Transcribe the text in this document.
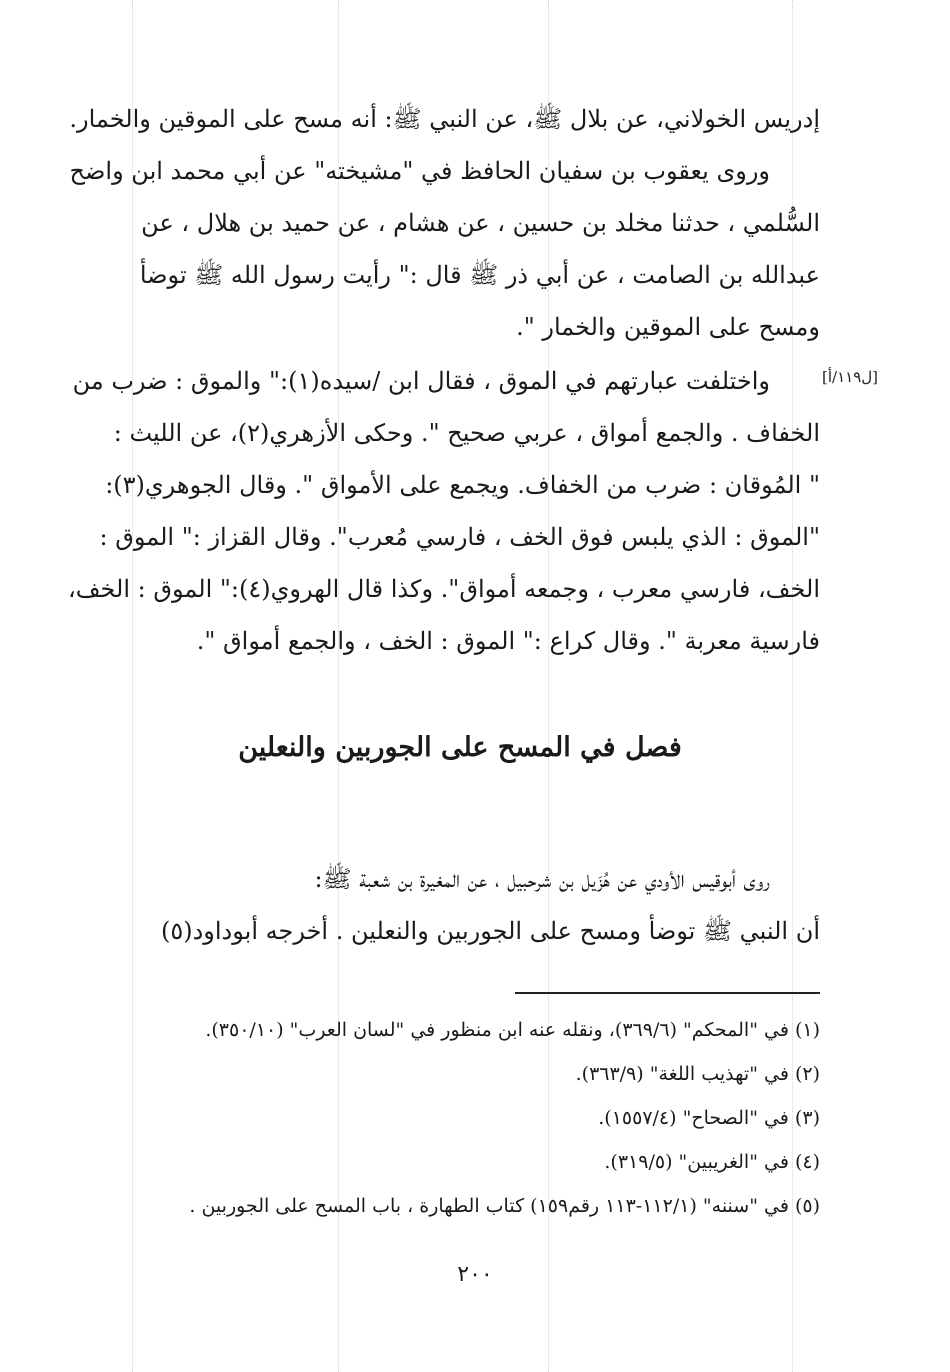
إدريس الخولاني، عن بلال ﷺ، عن النبي ﷺ: أنه مسح على الموقين والخمار.
وروى يعقوب بن سفيان الحافظ في "مشيخته" عن أبي محمد ابن واضح
السُّلمي ، حدثنا مخلد بن حسين ، عن هشام ، عن حميد بن هلال ، عن
عبدالله بن الصامت ، عن أبي ذر ﷺ قال :" رأيت رسول الله ﷺ توضأ
ومسح على الموقين والخمار ".
[ل١١٩/أ]
واختلفت عبارتهم في الموق ، فقال ابن /سيده(١):" والموق : ضرب من
الخفاف . والجمع أمواق ، عربي صحيح ". وحكى الأزهري(٢)، عن الليث :
" المُوقان : ضرب من الخفاف. ويجمع على الأمواق ". وقال الجوهري(٣):
"الموق : الذي يلبس فوق الخف ، فارسي مُعرب". وقال القزاز :" الموق :
الخف، فارسي معرب ، وجمعه أمواق". وكذا قال الهروي(٤):" الموق : الخف،
فارسية معربة ". وقال كراع :" الموق : الخف ، والجمع أمواق ".
فصل في المسح على الجوربين والنعلين
روى أبوقيس الأودي عن هُزَيل بن شرحبيل ، عن المغيرة بن شعبة ﷺ:
أن النبي ﷺ توضأ ومسح على الجوربين والنعلين . أخرجه أبوداود(٥)
(١) في "المحكم" (٣٦٩/٦)، ونقله عنه ابن منظور في "لسان العرب" (٣٥٠/١٠).
(٢) في "تهذيب اللغة" (٣٦٣/٩).
(٣) في "الصحاح" (١٥٥٧/٤).
(٤) في "الغريبين" (٣١٩/٥).
(٥) في "سننه" (١١٢/١-١١٣ رقم١٥٩) كتاب الطهارة ، باب المسح على الجوربين .
٢٠٠
